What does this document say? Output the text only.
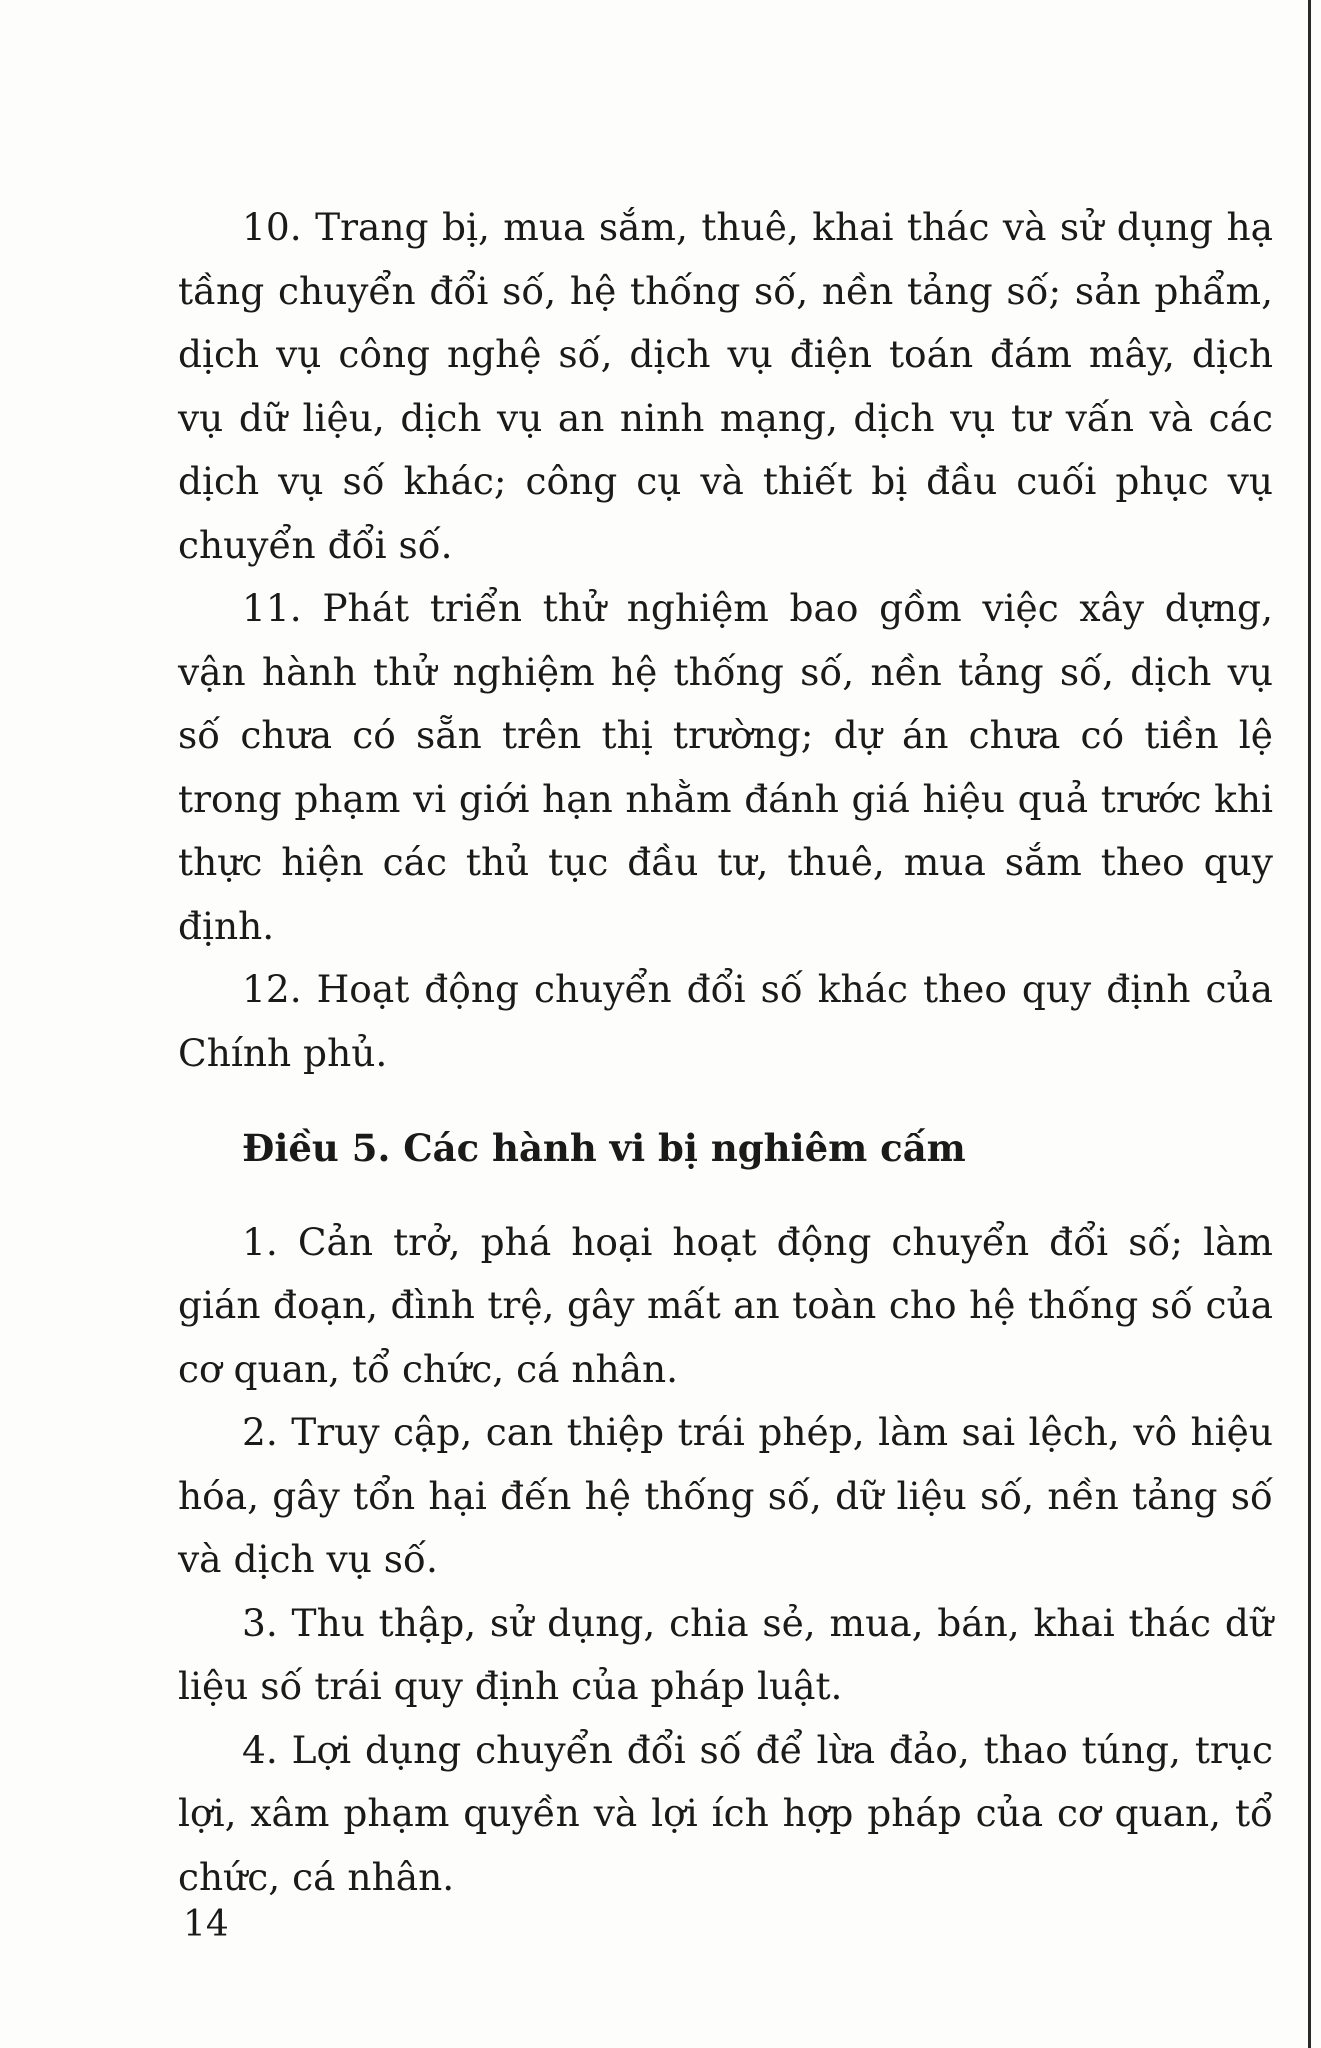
10. Trang bị, mua sắm, thuê, khai thác và sử dụng hạ tầng chuyển đổi số, hệ thống số, nền tảng số; sản phẩm, dịch vụ công nghệ số, dịch vụ điện toán đám mây, dịch vụ dữ liệu, dịch vụ an ninh mạng, dịch vụ tư vấn và các dịch vụ số khác; công cụ và thiết bị đầu cuối phục vụ chuyển đổi số.

11. Phát triển thử nghiệm bao gồm việc xây dựng, vận hành thử nghiệm hệ thống số, nền tảng số, dịch vụ số chưa có sẵn trên thị trường; dự án chưa có tiền lệ trong phạm vi giới hạn nhằm đánh giá hiệu quả trước khi thực hiện các thủ tục đầu tư, thuê, mua sắm theo quy định.

12. Hoạt động chuyển đổi số khác theo quy định của Chính phủ.

Điều 5. Các hành vi bị nghiêm cấm

1. Cản trở, phá hoại hoạt động chuyển đổi số; làm gián đoạn, đình trệ, gây mất an toàn cho hệ thống số của cơ quan, tổ chức, cá nhân.

2. Truy cập, can thiệp trái phép, làm sai lệch, vô hiệu hóa, gây tổn hại đến hệ thống số, dữ liệu số, nền tảng số và dịch vụ số.

3. Thu thập, sử dụng, chia sẻ, mua, bán, khai thác dữ liệu số trái quy định của pháp luật.

4. Lợi dụng chuyển đổi số để lừa đảo, thao túng, trục lợi, xâm phạm quyền và lợi ích hợp pháp của cơ quan, tổ chức, cá nhân.

14
